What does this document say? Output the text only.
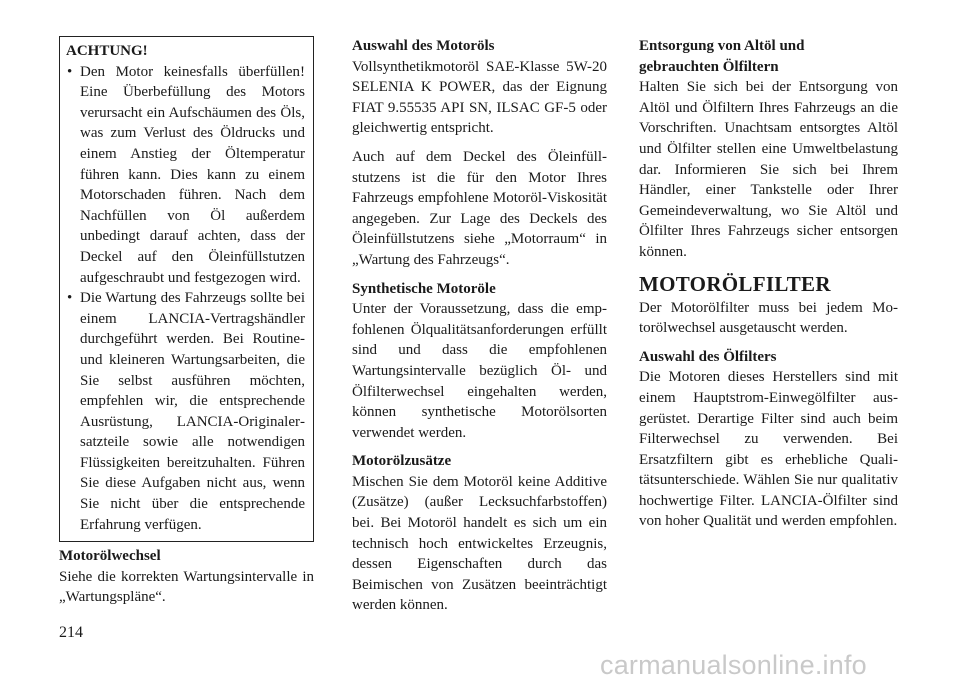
ACHTUNG!
• Den Motor keinesfalls überfüllen! Eine Überbefüllung des Motors verursacht ein Aufschäumen des Öls, was zum Verlust des Öldrucks und einem Anstieg der Öltemperatur führen kann. Dies kann zu einem Motorschaden führen. Nach dem Nachfüllen von Öl außerdem unbedingt darauf achten, dass der Deckel auf den Öleinfüllstutzen aufgeschraubt und festgezogen wird.
• Die Wartung des Fahrzeugs sollte bei einem LANCIA-Vertragshändler durchgeführt werden. Bei Routine- und kleineren Wartungsarbeiten, die Sie selbst ausführen möchten, empfehlen wir, die entsprechende Ausrüstung, LANCIA-Originalersatzteile sowie alle notwendigen Flüssigkeiten bereitzuhalten. Führen Sie diese Aufgaben nicht aus, wenn Sie nicht über die entsprechende Erfahrung verfügen.
Motorölwechsel

Siehe die korrekten Wartungsintervalle in „Wartungspläne“.

Auswahl des Motoröls

Vollsynthetikmotoröl SAE-Klasse 5W-20 SELENIA K POWER, das der Eignung FIAT 9.55535 API SN, ILSAC GF-5 oder gleichwertig entspricht.

Auch auf dem Deckel des Öleinfüllstutzens ist die für den Motor Ihres Fahrzeugs empfohlene Motoröl-Viskosität angegeben. Zur Lage des Deckels des Öleinfüllstutzens siehe „Motorraum“ in „Wartung des Fahrzeugs“.

Synthetische Motoröle

Unter der Voraussetzung, dass die empfohlenen Ölqualitätsanforderungen erfüllt sind und dass die empfohlenen Wartungsintervalle bezüglich Öl- und Ölfilterwechsel eingehalten werden, können synthetische Motorölsorten verwendet werden.

Motorölzusätze

Mischen Sie dem Motoröl keine Additive (Zusätze) (außer Lecksuchfarbstoffen) bei. Bei Motoröl handelt es sich um ein technisch hoch entwickeltes Erzeugnis, dessen Eigenschaften durch das Beimischen von Zusätzen beeinträchtigt werden können.

Entsorgung von Altöl und
gebrauchten Ölfiltern

Halten Sie sich bei der Entsorgung von Altöl und Ölfiltern Ihres Fahrzeugs an die Vorschriften. Unachtsam entsorgtes Altöl und Ölfilter stellen eine Umweltbelastung dar. Informieren Sie sich bei Ihrem Händler, einer Tankstelle oder Ihrer Gemeindeverwaltung, wo Sie Altöl und Ölfilter Ihres Fahrzeugs sicher entsorgen können.

MOTORÖLFILTER

Der Motorölfilter muss bei jedem Motorölwechsel ausgetauscht werden.

Auswahl des Ölfilters

Die Motoren dieses Herstellers sind mit einem Hauptstrom-Einwegölfilter ausgerüstet. Derartige Filter sind auch beim Filterwechsel zu verwenden. Bei Ersatzfiltern gibt es erhebliche Qualitätsunterschiede. Wählen Sie nur qualitativ hochwertige Filter. LANCIA-Ölfilter sind von hoher Qualität und werden empfohlen.

214
carmanualsonline.info
